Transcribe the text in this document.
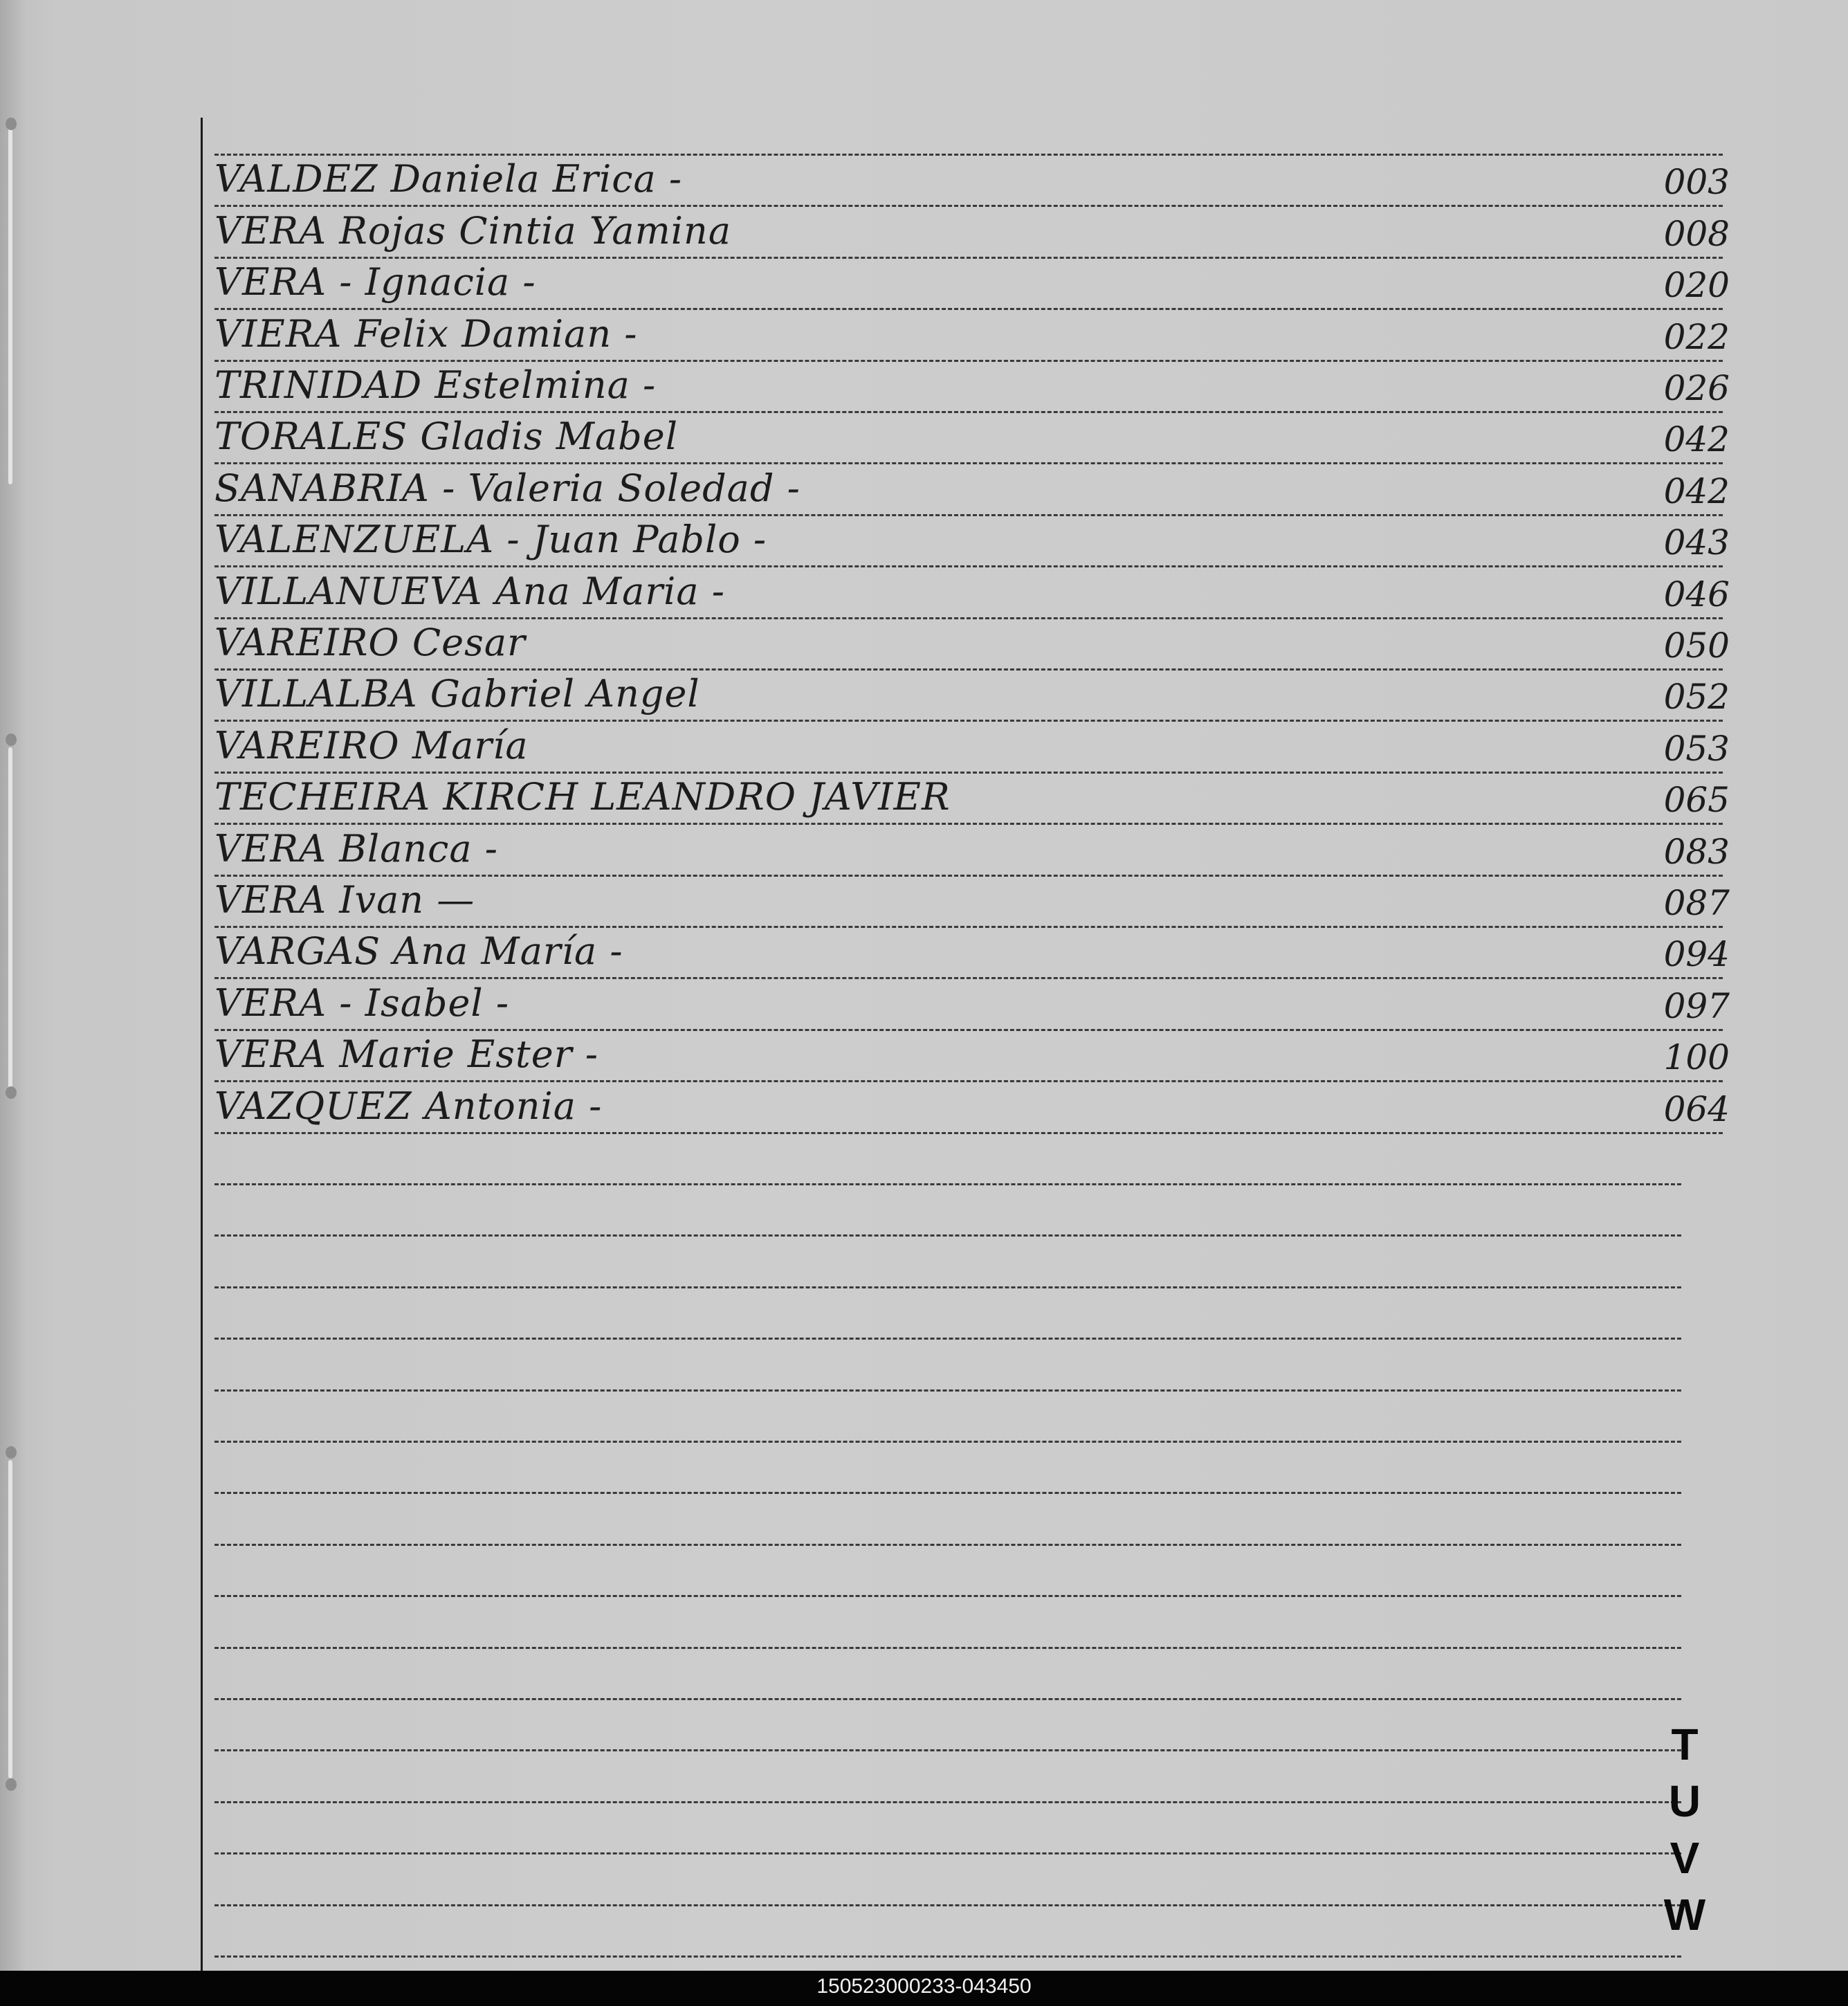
VALDEZ Daniela Erica -	003
VERA Rojas Cintia Yamina	008
VERA - Ignacia -	020
VIERA Felix Damian -	022
TRINIDAD Estelmina -	026
TORALES Gladis Mabel	042
SANABRIA - Valeria Soledad -	042
VALENZUELA - Juan Pablo -	043
VILLANUEVA Ana Maria -	046
VAREIRO Cesar	050
VILLALBA Gabriel Angel	052
VAREIRO María	053
TECHEIRA KIRCH LEANDRO JAVIER	065
VERA Blanca -	083
VERA Ivan —	087
VARGAS Ana María -	094
VERA - Isabel -	097
VERA Marie Ester -	100
VAZQUEZ Antonia -	064
T
U
V
W
150523000233-043450
